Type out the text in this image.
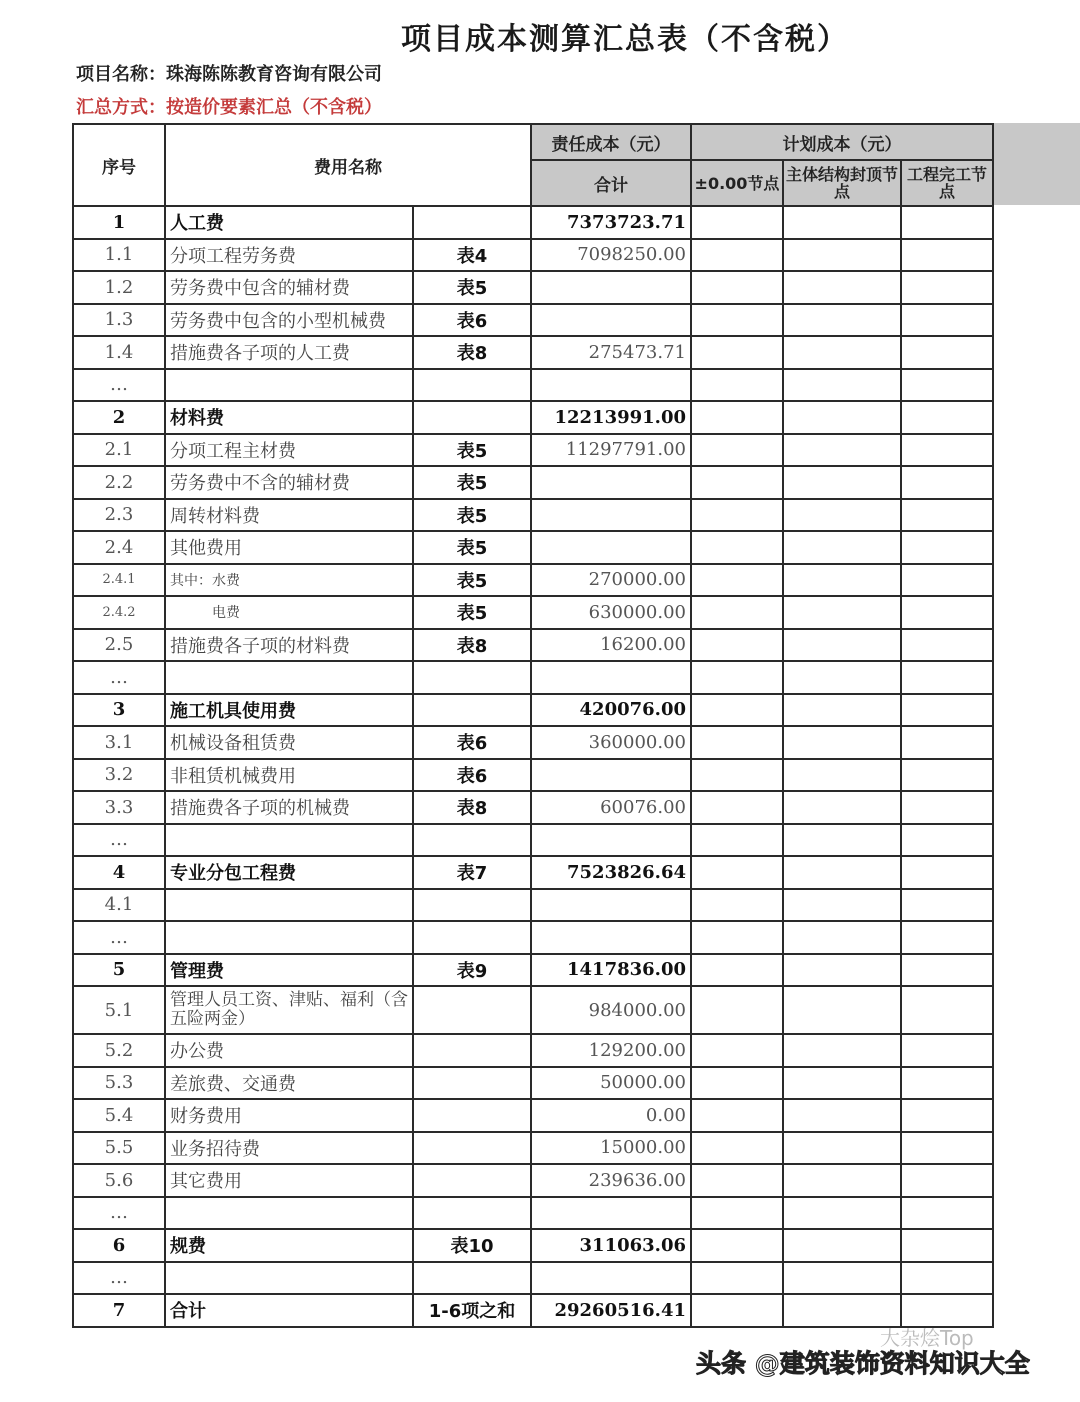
项目成本测算汇总表（不含税）
项目名称：珠海陈陈教育咨询有限公司
汇总方式：按造价要素汇总（不含税）
序号	费用名称		责任成本（元）	计划成本（元）		
			合计	±0.00节点	主体结构封顶节点	工程完工节点
1	人工费		7373723.71			
1.1	分项工程劳务费	表4	7098250.00			
1.2	劳务费中包含的辅材费	表5				
1.3	劳务费中包含的小型机械费	表6				
1.4	措施费各子项的人工费	表8	275473.71			
…						
2	材料费		12213991.00			
2.1	分项工程主材费	表5	11297791.00			
2.2	劳务费中不含的辅材费	表5				
2.3	周转材料费	表5				
2.4	其他费用	表5				
2.4.1	其中：水费	表5	270000.00			
2.4.2	　　　电费	表5	630000.00			
2.5	措施费各子项的材料费	表8	16200.00			
…						
3	施工机具使用费		420076.00			
3.1	机械设备租赁费	表6	360000.00			
3.2	非租赁机械费用	表6				
3.3	措施费各子项的机械费	表8	60076.00			
…						
4	专业分包工程费	表7	7523826.64			
4.1						
…						
5	管理费	表9	1417836.00			
5.1	管理人员工资、津贴、福利（含五险两金）		984000.00			
5.2	办公费		129200.00			
5.3	差旅费、交通费		50000.00			
5.4	财务费用		0.00			
5.5	业务招待费		15000.00			
5.6	其它费用		239636.00			
…						
6	规费	表10	311063.06			
…						
7	合计	1-6项之和	29260516.41			
大杂烩Top
头条 @建筑装饰资料知识大全
